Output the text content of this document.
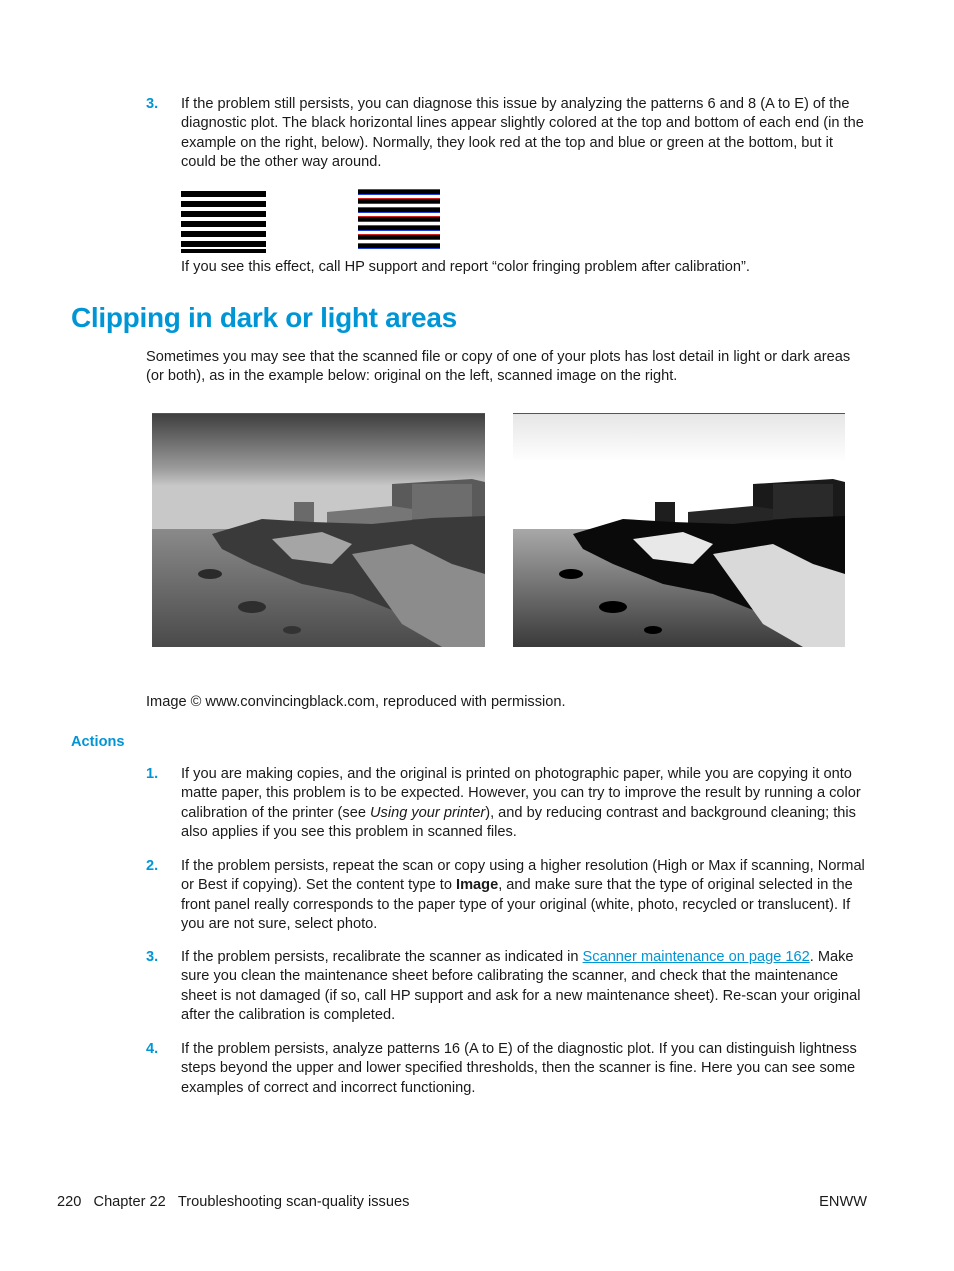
3. If the problem still persists, you can diagnose this issue by analyzing the patterns 6 and 8 (A to E) of the diagnostic plot. The black horizontal lines appear slightly colored at the top and bottom of each end (in the example on the right, below). Normally, they look red at the top and blue or green at the bottom, but it could be the other way around.
If you see this effect, call HP support and report “color fringing problem after calibration”.
Clipping in dark or light areas
Sometimes you may see that the scanned file or copy of one of your plots has lost detail in light or dark areas (or both), as in the example below: original on the left, scanned image on the right.
Image © www.convincingblack.com, reproduced with permission.
Actions
1. If you are making copies, and the original is printed on photographic paper, while you are copying it onto matte paper, this problem is to be expected. However, you can try to improve the result by running a color calibration of the printer (see Using your printer), and by reducing contrast and background cleaning; this also applies if you see this problem in scanned files.
2. If the problem persists, repeat the scan or copy using a higher resolution (High or Max if scanning, Normal or Best if copying). Set the content type to Image, and make sure that the type of original selected in the front panel really corresponds to the paper type of your original (white, photo, recycled or translucent). If you are not sure, select photo.
3. If the problem persists, recalibrate the scanner as indicated in Scanner maintenance on page 162. Make sure you clean the maintenance sheet before calibrating the scanner, and check that the maintenance sheet is not damaged (if so, call HP support and ask for a new maintenance sheet). Re-scan your original after the calibration is completed.
4. If the problem persists, analyze patterns 16 (A to E) of the diagnostic plot. If you can distinguish lightness steps beyond the upper and lower specified thresholds, then the scanner is fine. Here you can see some examples of correct and incorrect functioning.
220 Chapter 22 Troubleshooting scan-quality issues	ENWW
